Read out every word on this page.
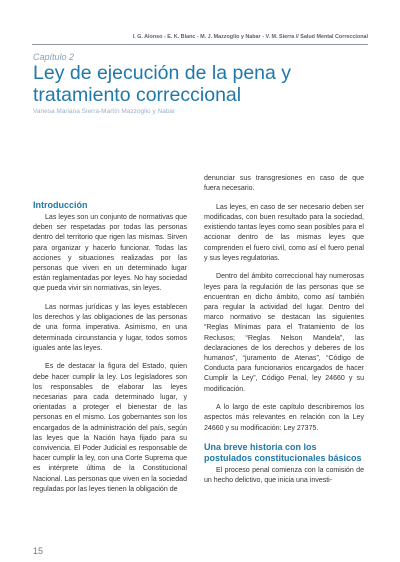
I. G. Alonso - E. K. Blanc - M. J. Mazzoglio y Nabar - V. M. Sierra // Salud Mental Correccional
Capítulo 2
Ley de ejecución de la pena y tratamiento correccional
Vanesa Mariana Sierra-Martín Mazzoglio y Nabar
Introducción

Las leyes son un conjunto de normativas que deben ser respetadas por todas las personas dentro del territorio que rigen las mismas. Sirven para organizar y hacerlo funcionar. Todas las acciones y situaciones realizadas por las personas que viven en un determinado lugar están reglamentadas por leyes. No hay sociedad que pueda vivir sin normativas, sin leyes.

Las normas jurídicas y las leyes establecen los derechos y las obligaciones de las personas de una forma imperativa. Asimismo, en una determinada circunstancia y lugar, todos somos iguales ante las leyes.

Es de destacar la figura del Estado, quien debe hacer cumplir la ley. Los legisladores son los responsables de elaborar las leyes necesarias para cada determinado lugar, y orientadas a proteger el bienestar de las personas en el mismo. Los gobernantes son los encargados de la administración del país, según las leyes que la Nación haya fijado para su convivencia. El Poder Judicial es responsable de hacer cumplir la ley, con una Corte Suprema que es intérprete última de la Constitucional Nacional. Las personas que viven en la sociedad reguladas por las leyes tienen la obligación de

denunciar sus transgresiones en caso de que fuera necesario.

Las leyes, en caso de ser necesario deben ser modificadas, con buen resultado para la sociedad, existiendo tantas leyes como sean posibles para el accionar dentro de las mismas leyes que comprenden el fuero civil, como así el fuero penal y sus leyes regulatorias.

Dentro del ámbito correccional hay numerosas leyes para la regulación de las personas que se encuentran en dicho ámbito, como así también para regular la actividad del lugar. Dentro del marco normativo se destacan las siguientes “Reglas Mínimas para el Tratamiento de los Reclusos; “Reglas Nelson Mandela”, las declaraciones de los derechos y deberes de los humanos”, “juramento de Atenas”, “Código de Conducta para funcionarios encargados de hacer Cumplir la Ley”, Código Penal, ley 24660 y su modificación.

A lo largo de este capítulo describiremos los aspectos más relevantes en relación con la Ley 24660 y su modificación: Ley 27375.

Una breve historia con los postulados constitucionales básicos

El proceso penal comienza con la comisión de un hecho delictivo, que inicia una investi-

15
